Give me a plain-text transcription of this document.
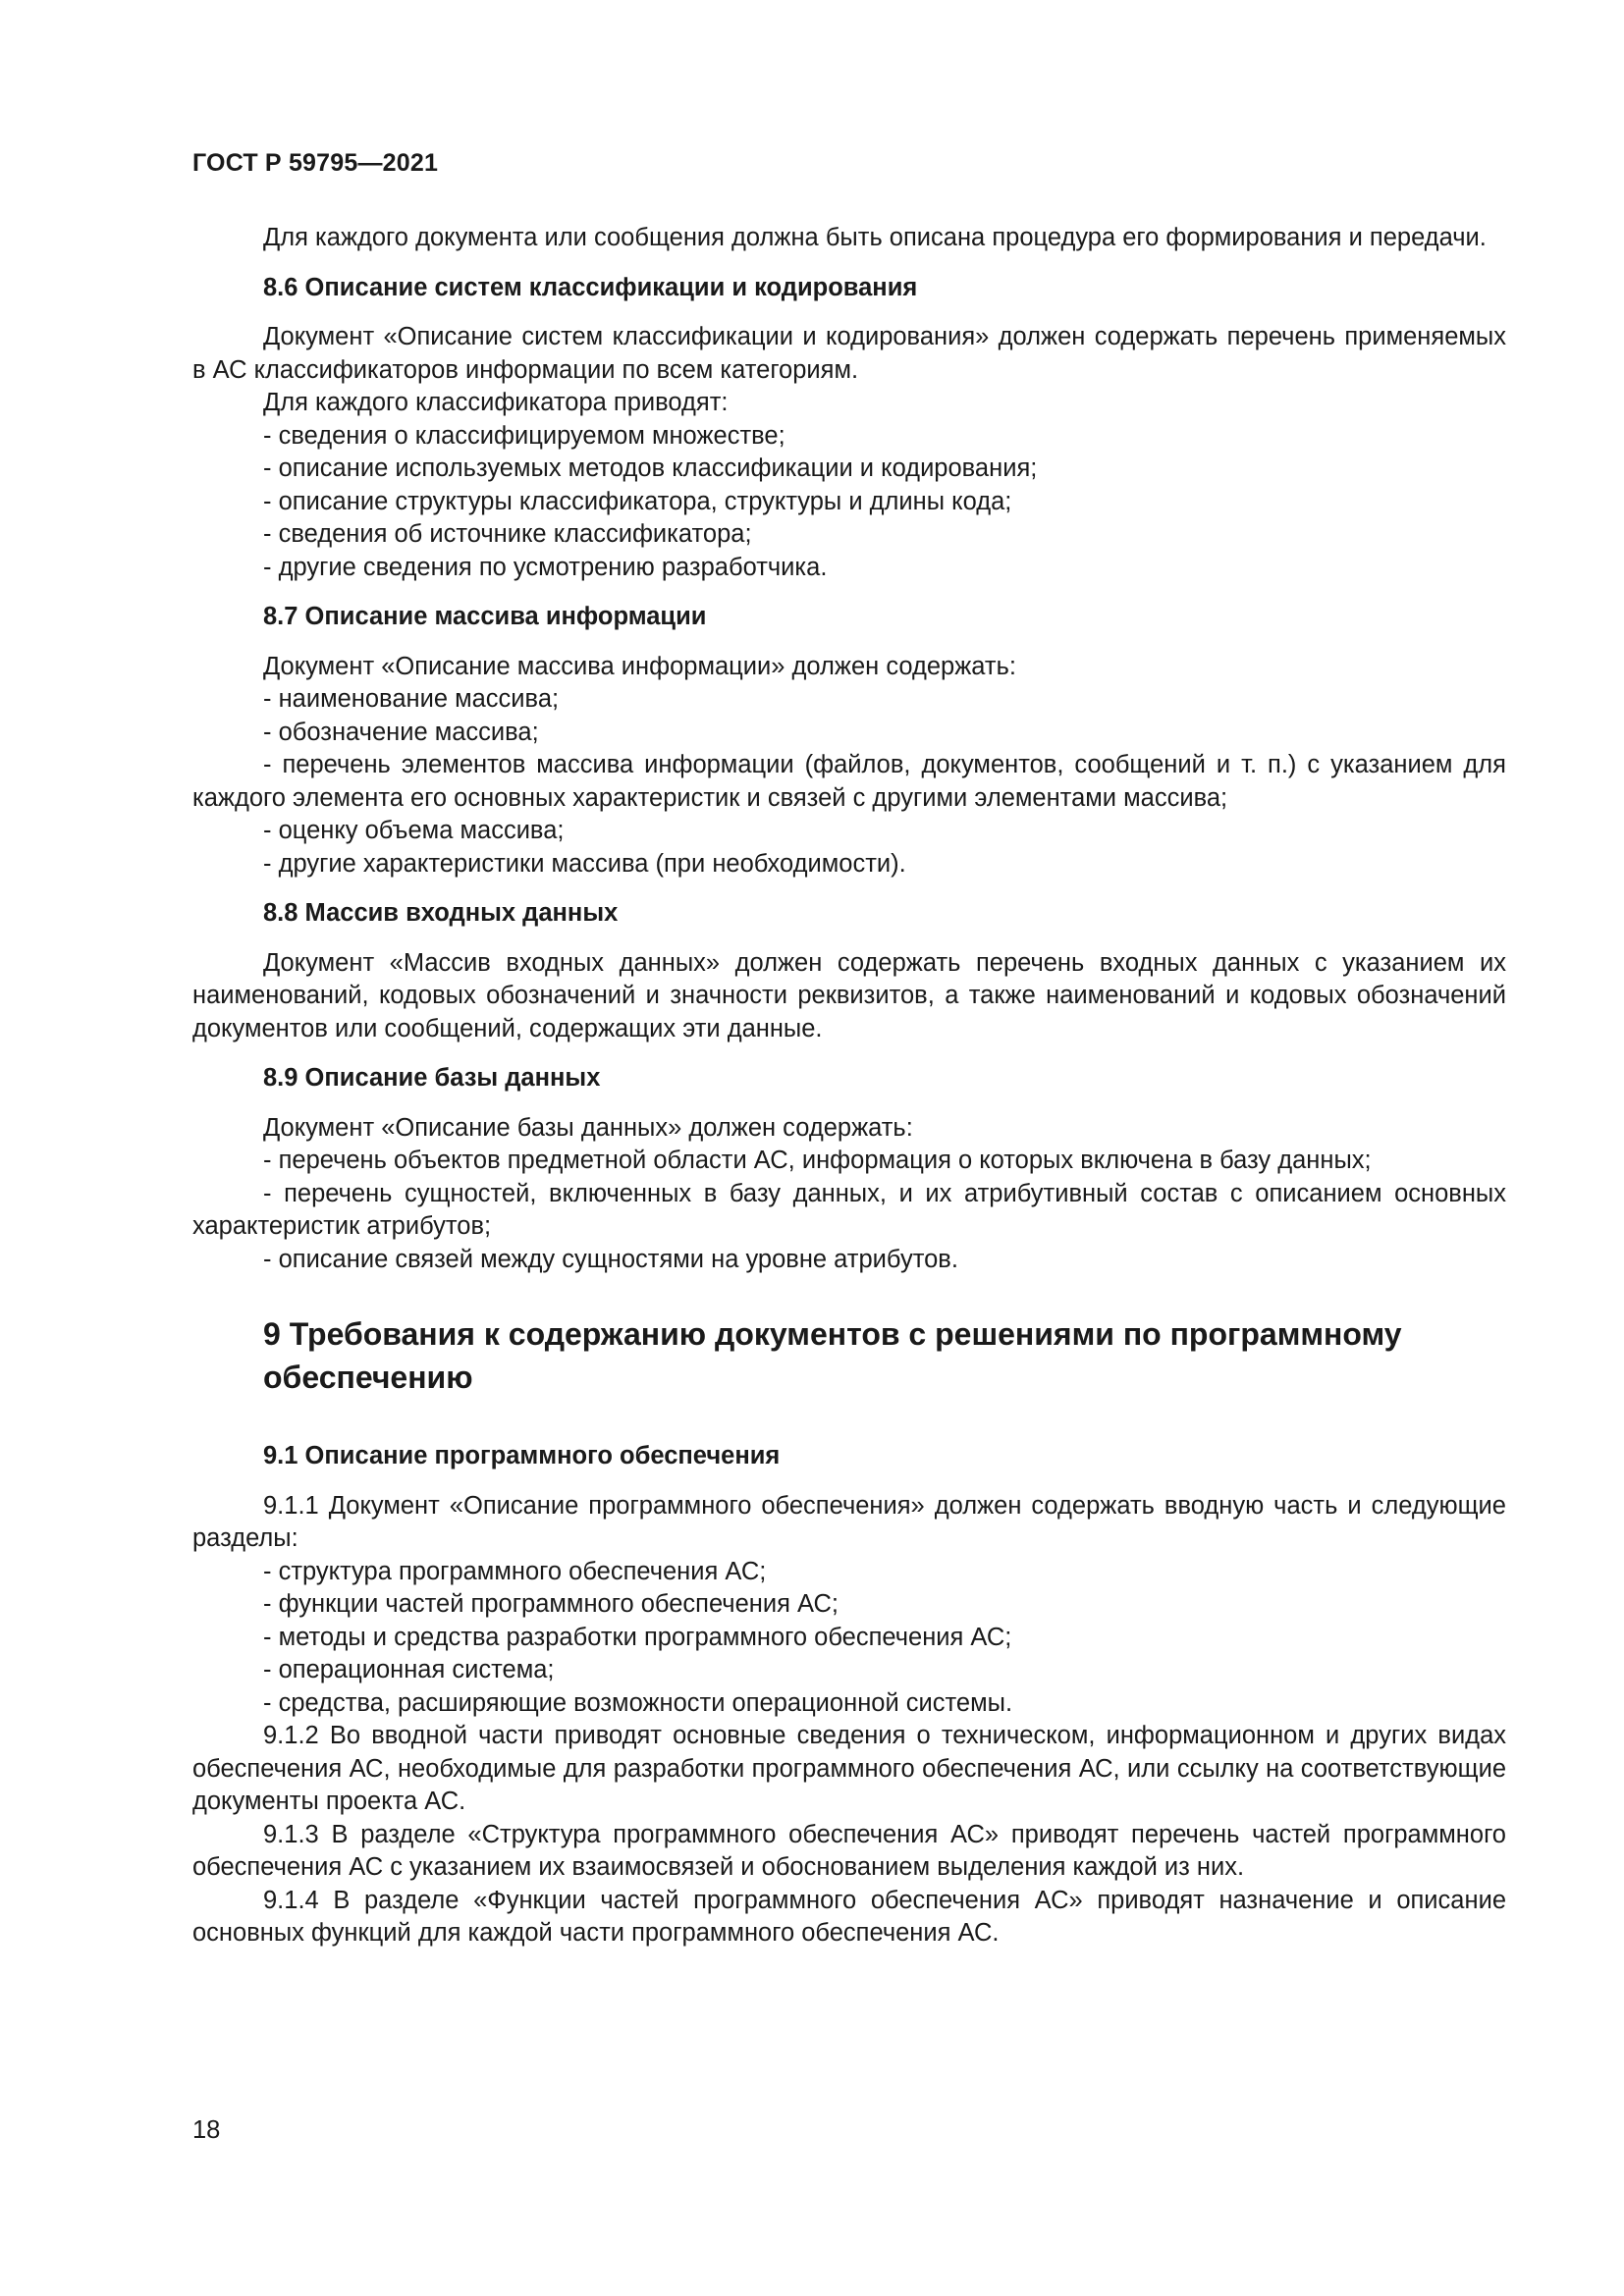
ГОСТ Р 59795—2021

Для каждого документа или сообщения должна быть описана процедура его формирования и передачи.

8.6 Описание систем классификации и кодирования

Документ «Описание систем классификации и кодирования» должен содержать перечень применяемых в АС классификаторов информации по всем категориям.

Для каждого классификатора приводят:

- сведения о классифицируемом множестве;

- описание используемых методов классификации и кодирования;

- описание структуры классификатора, структуры и длины кода;

- сведения об источнике классификатора;

- другие сведения по усмотрению разработчика.

8.7 Описание массива информации

Документ «Описание массива информации» должен содержать:

- наименование массива;

- обозначение массива;

- перечень элементов массива информации (файлов, документов, сообщений и т. п.) с указанием для каждого элемента его основных характеристик и связей с другими элементами массива;

- оценку объема массива;

- другие характеристики массива (при необходимости).

8.8 Массив входных данных

Документ «Массив входных данных» должен содержать перечень входных данных с указанием их наименований, кодовых обозначений и значности реквизитов, а также наименований и кодовых обозначений документов или сообщений, содержащих эти данные.

8.9 Описание базы данных

Документ «Описание базы данных» должен содержать:

- перечень объектов предметной области АС, информация о которых включена в базу данных;

- перечень сущностей, включенных в базу данных, и их атрибутивный состав с описанием основных характеристик атрибутов;

- описание связей между сущностями на уровне атрибутов.

9 Требования к содержанию документов с решениями по программному обеспечению
9.1 Описание программного обеспечения

9.1.1 Документ «Описание программного обеспечения» должен содержать вводную часть и следующие разделы:

- структура программного обеспечения АС;

- функции частей программного обеспечения АС;

- методы и средства разработки программного обеспечения АС;

- операционная система;

- средства, расширяющие возможности операционной системы.

9.1.2 Во вводной части приводят основные сведения о техническом, информационном и других видах обеспечения АС, необходимые для разработки программного обеспечения АС, или ссылку на соответствующие документы проекта АС.

9.1.3 В разделе «Структура программного обеспечения АС» приводят перечень частей программного обеспечения АС с указанием их взаимосвязей и обоснованием выделения каждой из них.

9.1.4 В разделе «Функции частей программного обеспечения АС» приводят назначение и описание основных функций для каждой части программного обеспечения АС.

18
